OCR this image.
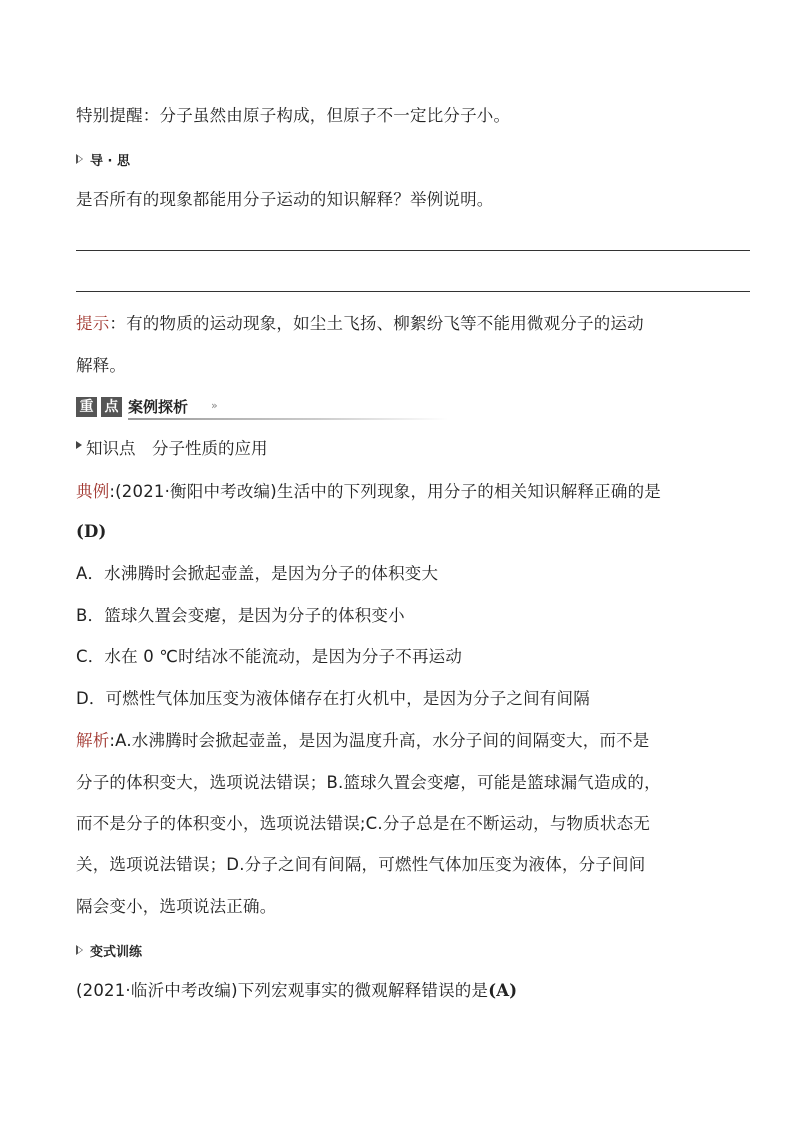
特别提醒：分子虽然由原子构成，但原子不一定比分子小。
导 · 思
是否所有的现象都能用分子运动的知识解释？举例说明。
提示：有的物质的运动现象，如尘土飞扬、柳絮纷飞等不能用微观分子的运动
解释。
重 点 案例探析 »
知识点　分子性质的应用
典例:(2021·衡阳中考改编)生活中的下列现象，用分子的相关知识解释正确的是
(D)
A．水沸腾时会掀起壶盖，是因为分子的体积变大
B．篮球久置会变瘪，是因为分子的体积变小
C．水在 0 ℃时结冰不能流动，是因为分子不再运动
D．可燃性气体加压变为液体储存在打火机中，是因为分子之间有间隔
解析:A.水沸腾时会掀起壶盖，是因为温度升高，水分子间的间隔变大，而不是
分子的体积变大，选项说法错误；B.篮球久置会变瘪，可能是篮球漏气造成的，
而不是分子的体积变小，选项说法错误;C.分子总是在不断运动，与物质状态无
关，选项说法错误；D.分子之间有间隔，可燃性气体加压变为液体，分子间间
隔会变小，选项说法正确。
变式训练
(2021·临沂中考改编)下列宏观事实的微观解释错误的是(A)
